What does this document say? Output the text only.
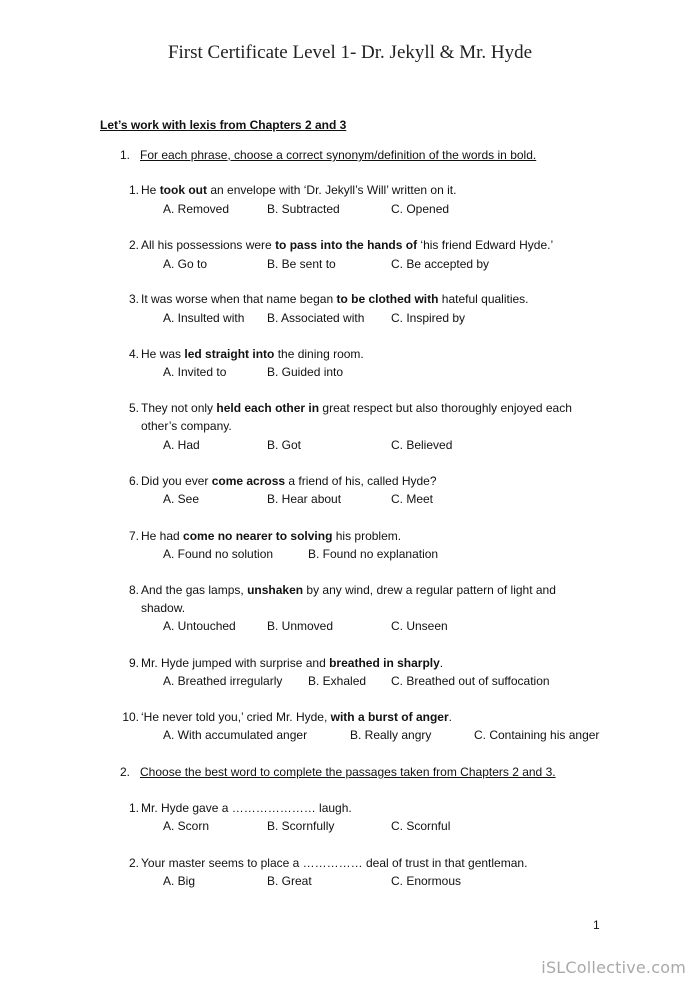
First Certificate Level 1- Dr. Jekyll & Mr. Hyde
Let’s work with lexis from Chapters 2 and 3
1. For each phrase, choose a correct synonym/definition of the words in bold.
1. He took out an envelope with ‘Dr. Jekyll’s Will’ written on it.
A. Removed	B. Subtracted	C. Opened
2. All his possessions were to pass into the hands of ‘his friend Edward Hyde.’
A. Go to	B. Be sent to	C. Be accepted by
3. It was worse when that name began to be clothed with hateful qualities.
A. Insulted with B. Associated with C. Inspired by
4. He was led straight into the dining room.
A. Invited to	B. Guided into
5. They not only held each other in great respect but also thoroughly enjoyed each other’s company.
A. Had	B. Got	C. Believed
6. Did you ever come across a friend of his, called Hyde?
A. See	B. Hear about	C. Meet
7. He had come no nearer to solving his problem.
A. Found no solution	B. Found no explanation
8. And the gas lamps, unshaken by any wind, drew a regular pattern of light and shadow.
A. Untouched	B. Unmoved	C. Unseen
9. Mr. Hyde jumped with surprise and breathed in sharply.
A. Breathed irregularly B. Exhaled C. Breathed out of suffocation
10. ‘He never told you,’ cried Mr. Hyde, with a burst of anger.
A. With accumulated anger	B. Really angry	C. Containing his anger
2. Choose the best word to complete the passages taken from Chapters 2 and 3.
1. Mr. Hyde gave a ………………… laugh.
A. Scorn	B. Scornfully	C. Scornful
2. Your master seems to place a …………… deal of trust in that gentleman.
A. Big	B. Great	C. Enormous
1
iSLCollective.com
